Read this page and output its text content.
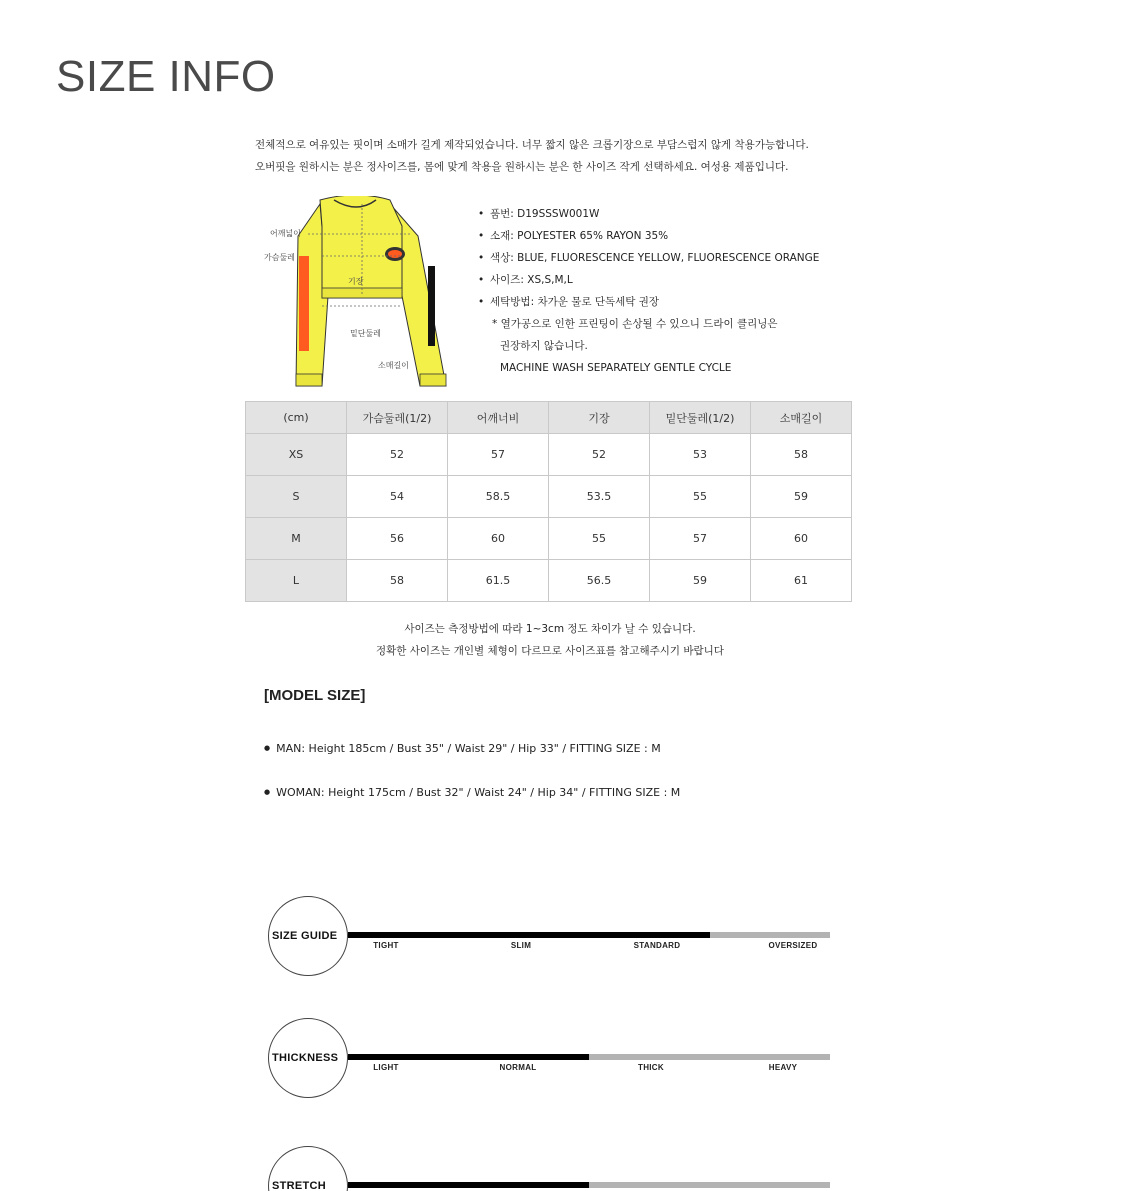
SIZE INFO
전체적으로 여유있는 핏이며 소매가 길게 제작되었습니다. 너무 짧지 않은 크롭기장으로 부담스럽지 않게 착용가능합니다.
오버핏을 원하시는 분은 정사이즈를, 몸에 맞게 착용을 원하시는 분은 한 사이즈 작게 선택하세요. 여성용 제품입니다.
어깨넓이
가슴둘레
기장
밑단둘레
소매길이
• 품번: D19SSSW001W
• 소재: POLYESTER 65% RAYON 35%
• 색상: BLUE, FLUORESCENCE YELLOW, FLUORESCENCE ORANGE
• 사이즈: XS,S,M,L
• 세탁방법: 차가운 물로 단독세탁 권장
* 열가공으로 인한 프린팅이 손상될 수 있으니 드라이 클리닝은
권장하지 않습니다.
MACHINE WASH SEPARATELY GENTLE CYCLE
(cm)	가슴둘레(1/2)	어깨너비	기장	밑단둘레(1/2)	소매길이
XS	52	57	52	53	58
S	54	58.5	53.5	55	59
M	56	60	55	57	60
L	58	61.5	56.5	59	61
사이즈는 측정방법에 따라 1~3cm 정도 차이가 날 수 있습니다.
정확한 사이즈는 개인별 체형이 다르므로 사이즈표를 참고해주시기 바랍니다
[MODEL SIZE]
● MAN: Height 185cm / Bust 35" / Waist 29" / Hip 33" / FITTING SIZE : M
● WOMAN: Height 175cm / Bust 32" / Waist 24" / Hip 34" / FITTING SIZE : M
SIZE GUIDE
TIGHT	SLIM	STANDARD	OVERSIZED
THICKNESS
LIGHT	NORMAL	THICK	HEAVY
STRETCH
